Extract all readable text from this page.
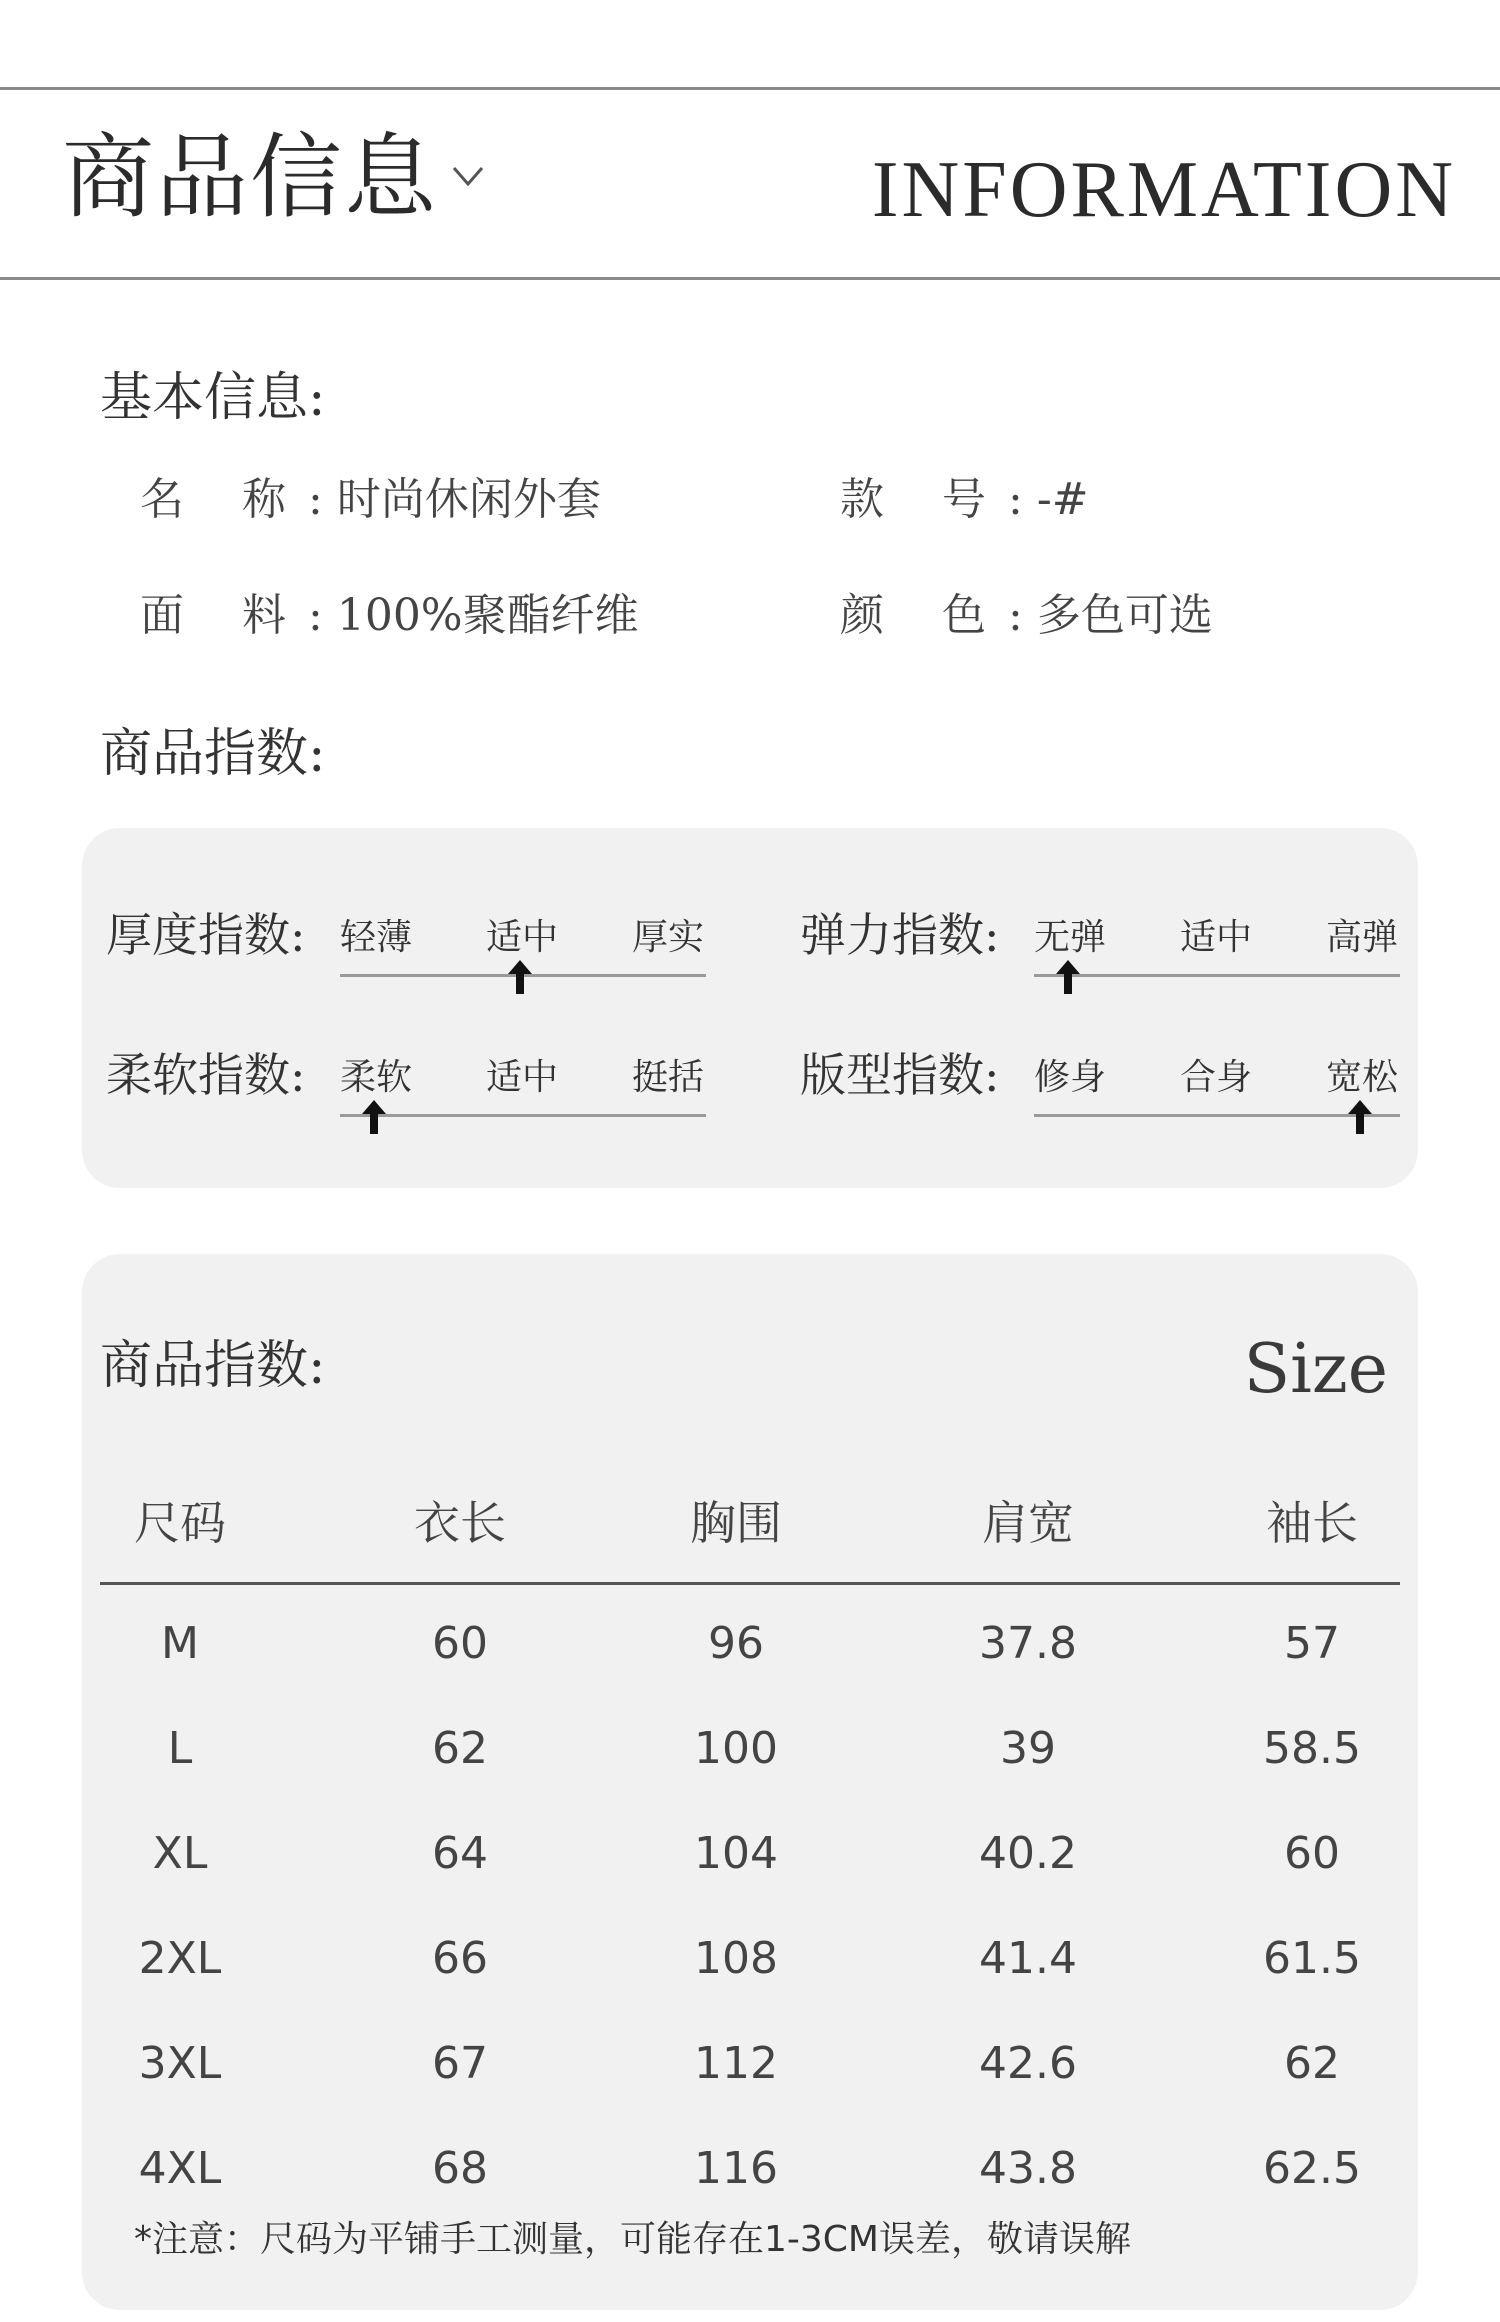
商品信息	INFORMATION
基本信息:
名 称: 时尚休闲外套	款 号: -#
面 料: 100%聚酯纤维	颜 色: 多色可选
商品指数:
厚度指数: 轻薄 适中 厚实 弹力指数: 无弹 适中 高弹
柔软指数: 柔软 适中 挺括 版型指数: 修身 合身 宽松
商品指数:	Size
尺码	衣长	胸围	肩宽	袖长
M	60	96	37.8	57
L	62	100	39	58.5
XL	64	104	40.2	60
2XL	66	108	41.4	61.5
3XL	67	112	42.6	62
4XL	68	116	43.8	62.5
*注意：尺码为平铺手工测量，可能存在1-3CM误差，敬请误解
